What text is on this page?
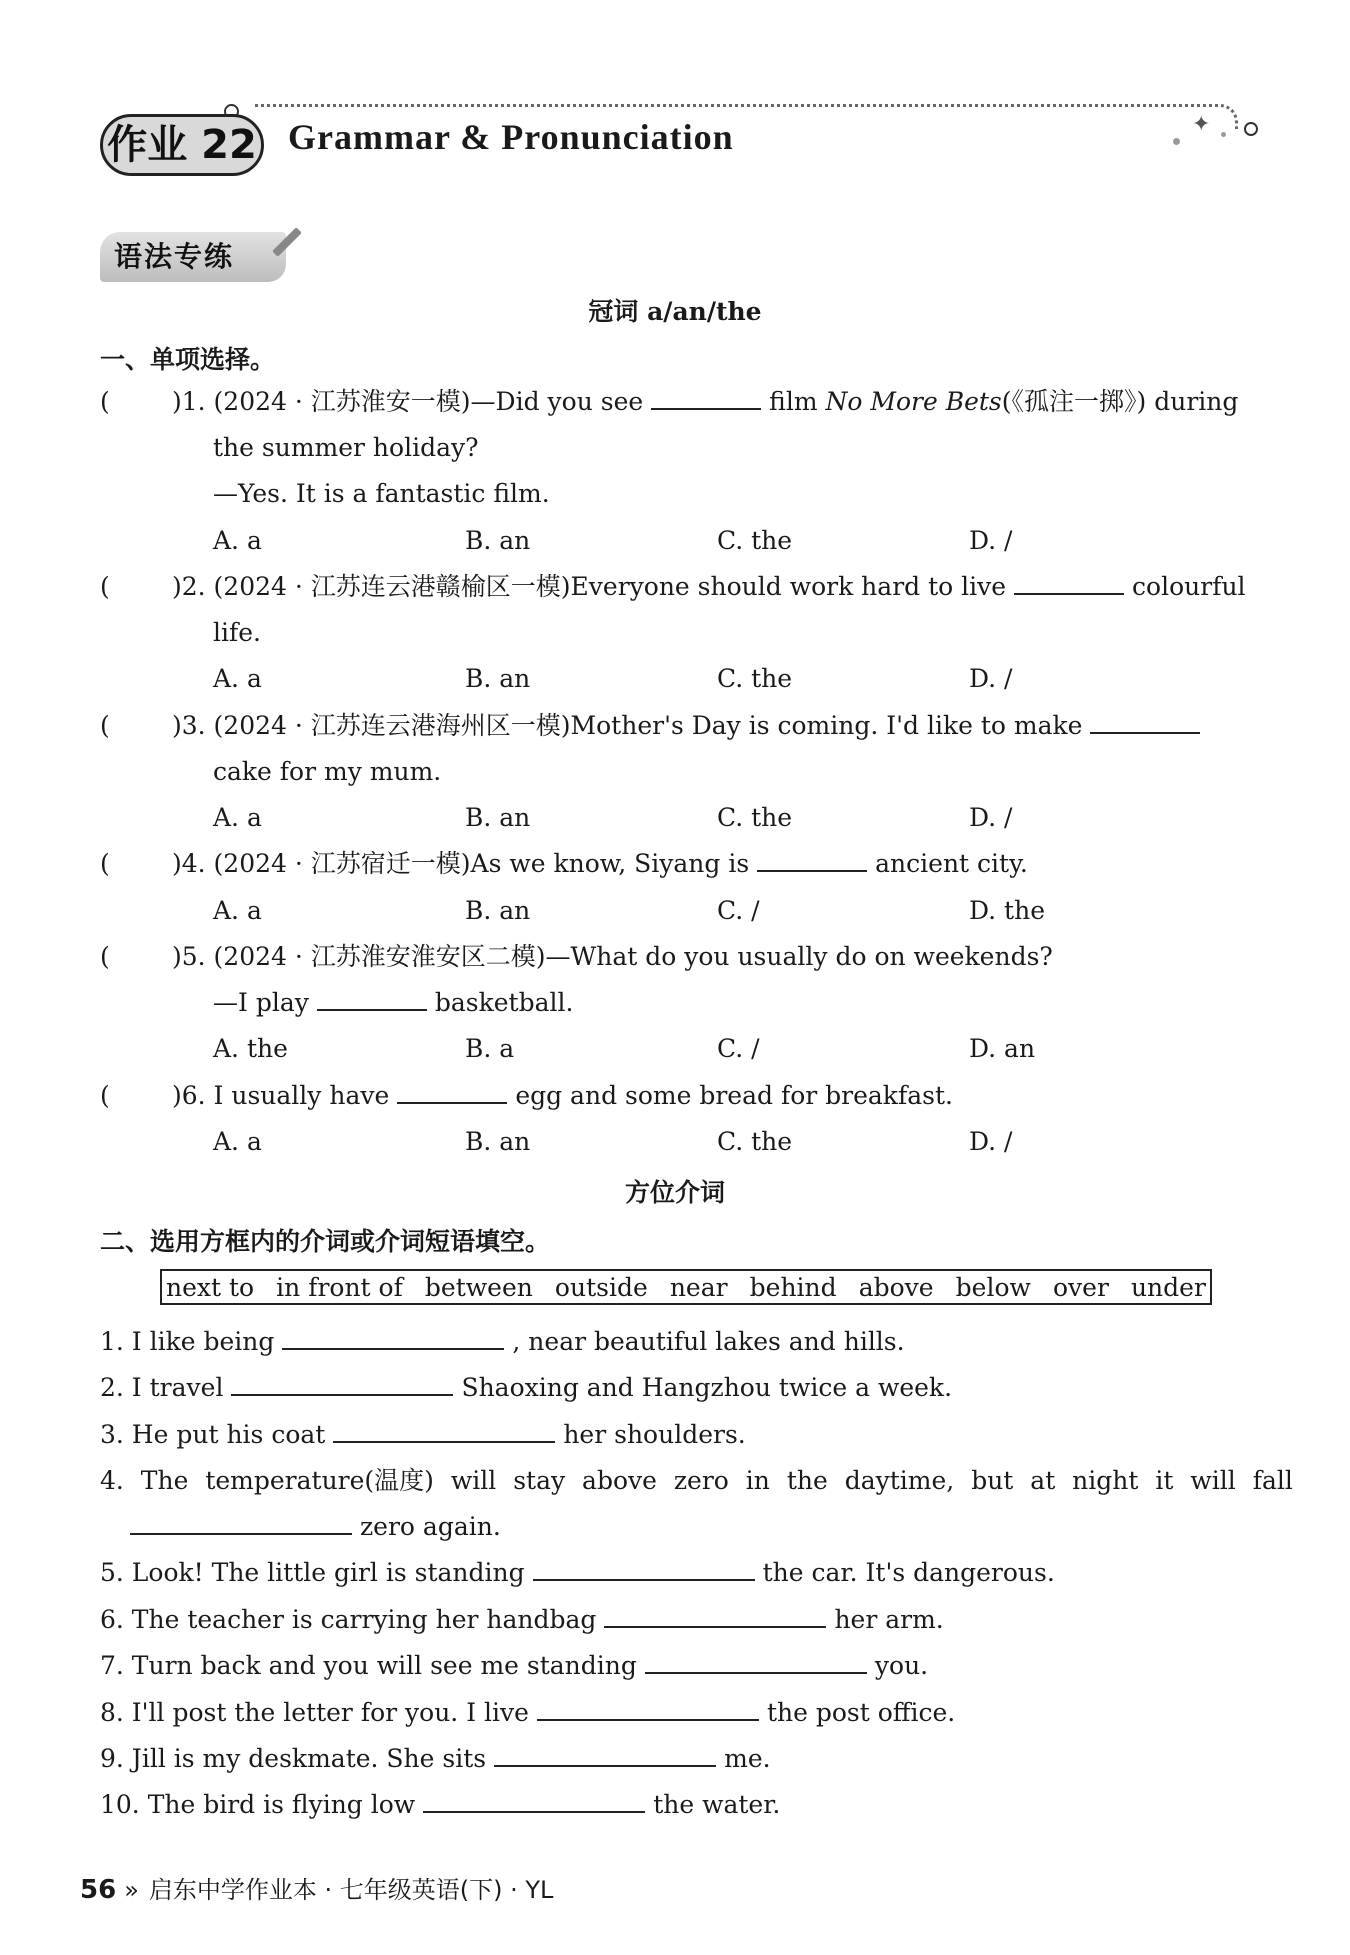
作业 22 Grammar & Pronunciation	✦
语法专练
冠词 a/an/the
一、单项选择。
( )1. (2024 · 江苏淮安一模)—Did you see	film No More Bets(《孤注一掷》) during
the summer holiday?
—Yes. It is a fantastic film.
A. a	B. an	C. the	D. /
( )2. (2024 · 江苏连云港赣榆区一模)Everyone should work hard to live	colourful
life.
A. a	B. an	C. the	D. /
( )3. (2024 · 江苏连云港海州区一模)Mother's Day is coming. I'd like to make
cake for my mum.
A. a	B. an	C. the	D. /
( )4. (2024 · 江苏宿迁一模)As we know, Siyang is	ancient city.
A. a	B. an	C. /	D. the
( )5. (2024 · 江苏淮安淮安区二模)—What do you usually do on weekends?
—I play	basketball.
A. the	B. a	C. /	D. an
( )6. I usually have	egg and some bread for breakfast.
A. a	B. an	C. the	D. /
方位介词
二、选用方框内的介词或介词短语填空。
next to in front of between outside near behind above below over under
1. I like being	, near beautiful lakes and hills.
2. I travel	Shaoxing and Hangzhou twice a week.
3. He put his coat	her shoulders.
4. The temperature(温度) will stay above zero in the daytime, but at night it will fall
zero again.
5. Look! The little girl is standing	the car. It's dangerous.
6. The teacher is carrying her handbag	her arm.
7. Turn back and you will see me standing	you.
8. I'll post the letter for you. I live	the post office.
9. Jill is my deskmate. She sits	me.
10. The bird is flying low	the water.
56 » 启东中学作业本 · 七年级英语(下) · YL
